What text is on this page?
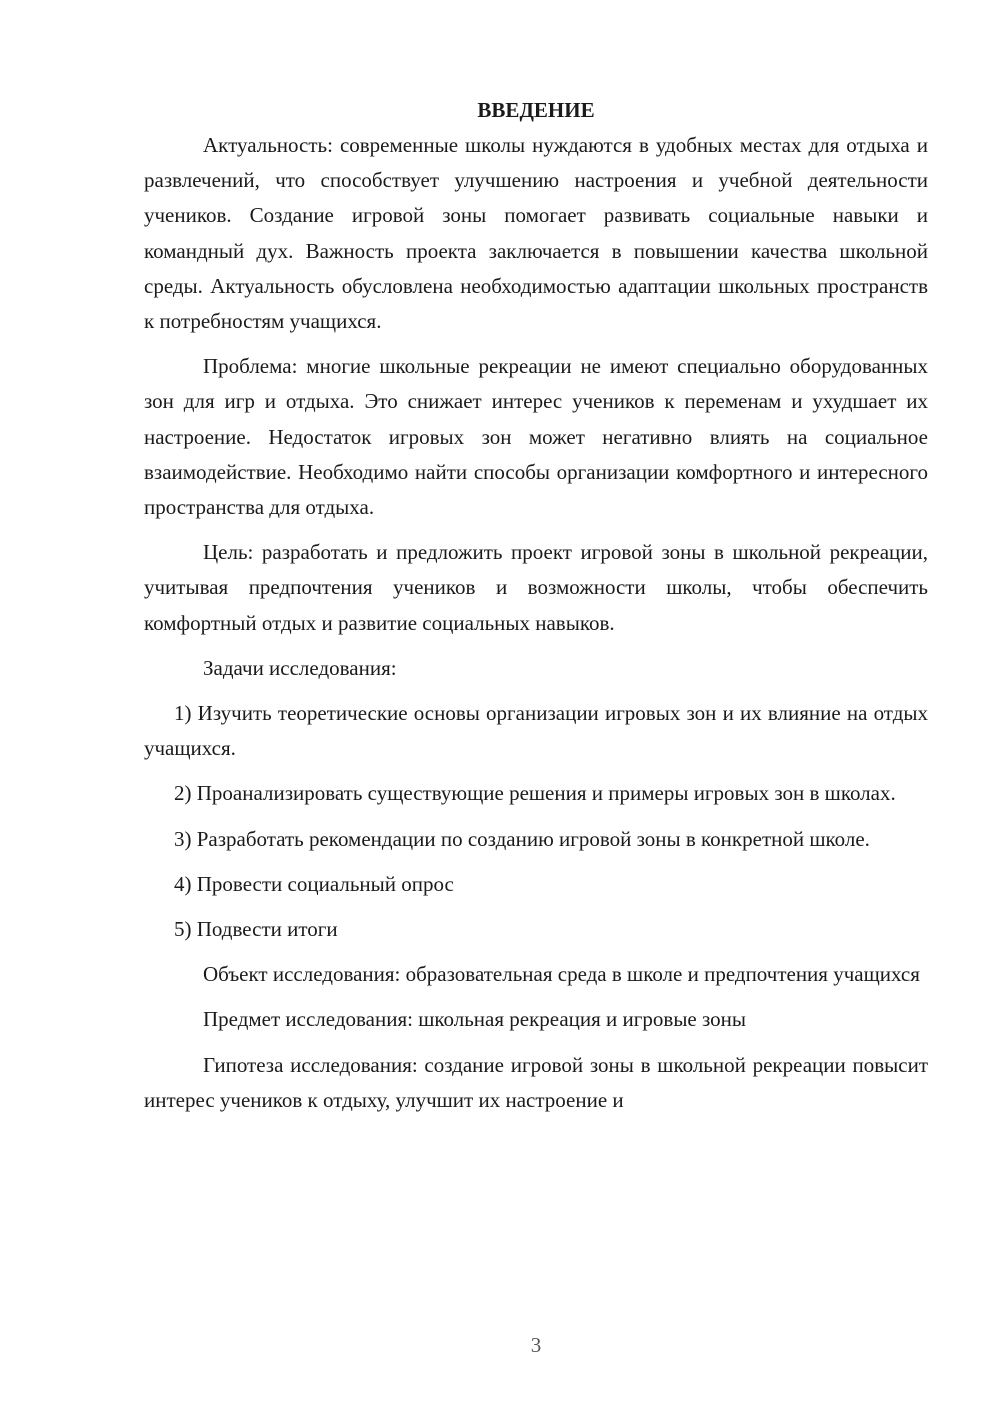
ВВЕДЕНИЕ

Актуальность: современные школы нуждаются в удобных местах для отдыха и развлечений, что способствует улучшению настроения и учебной деятельности учеников. Создание игровой зоны помогает развивать социальные навыки и командный дух. Важность проекта заключается в повышении качества школьной среды. Актуальность обусловлена необходимостью адаптации школьных пространств к потребностям учащихся.

Проблема: многие школьные рекреации не имеют специально оборудованных зон для игр и отдыха. Это снижает интерес учеников к переменам и ухудшает их настроение. Недостаток игровых зон может негативно влиять на социальное взаимодействие. Необходимо найти способы организации комфортного и интересного пространства для отдыха.

Цель: разработать и предложить проект игровой зоны в школьной рекреации, учитывая предпочтения учеников и возможности школы, чтобы обеспечить комфортный отдых и развитие социальных навыков.

Задачи исследования:

1) Изучить теоретические основы организации игровых зон и их влияние на отдых учащихся.

2) Проанализировать существующие решения и примеры игровых зон в школах.

3) Разработать рекомендации по созданию игровой зоны в конкретной школе.

4) Провести социальный опрос

5) Подвести итоги

Объект исследования: образовательная среда в школе и предпочтения учащихся

Предмет исследования: школьная рекреация и игровые зоны

Гипотеза исследования: создание игровой зоны в школьной рекреации повысит интерес учеников к отдыху, улучшит их настроение и

3
